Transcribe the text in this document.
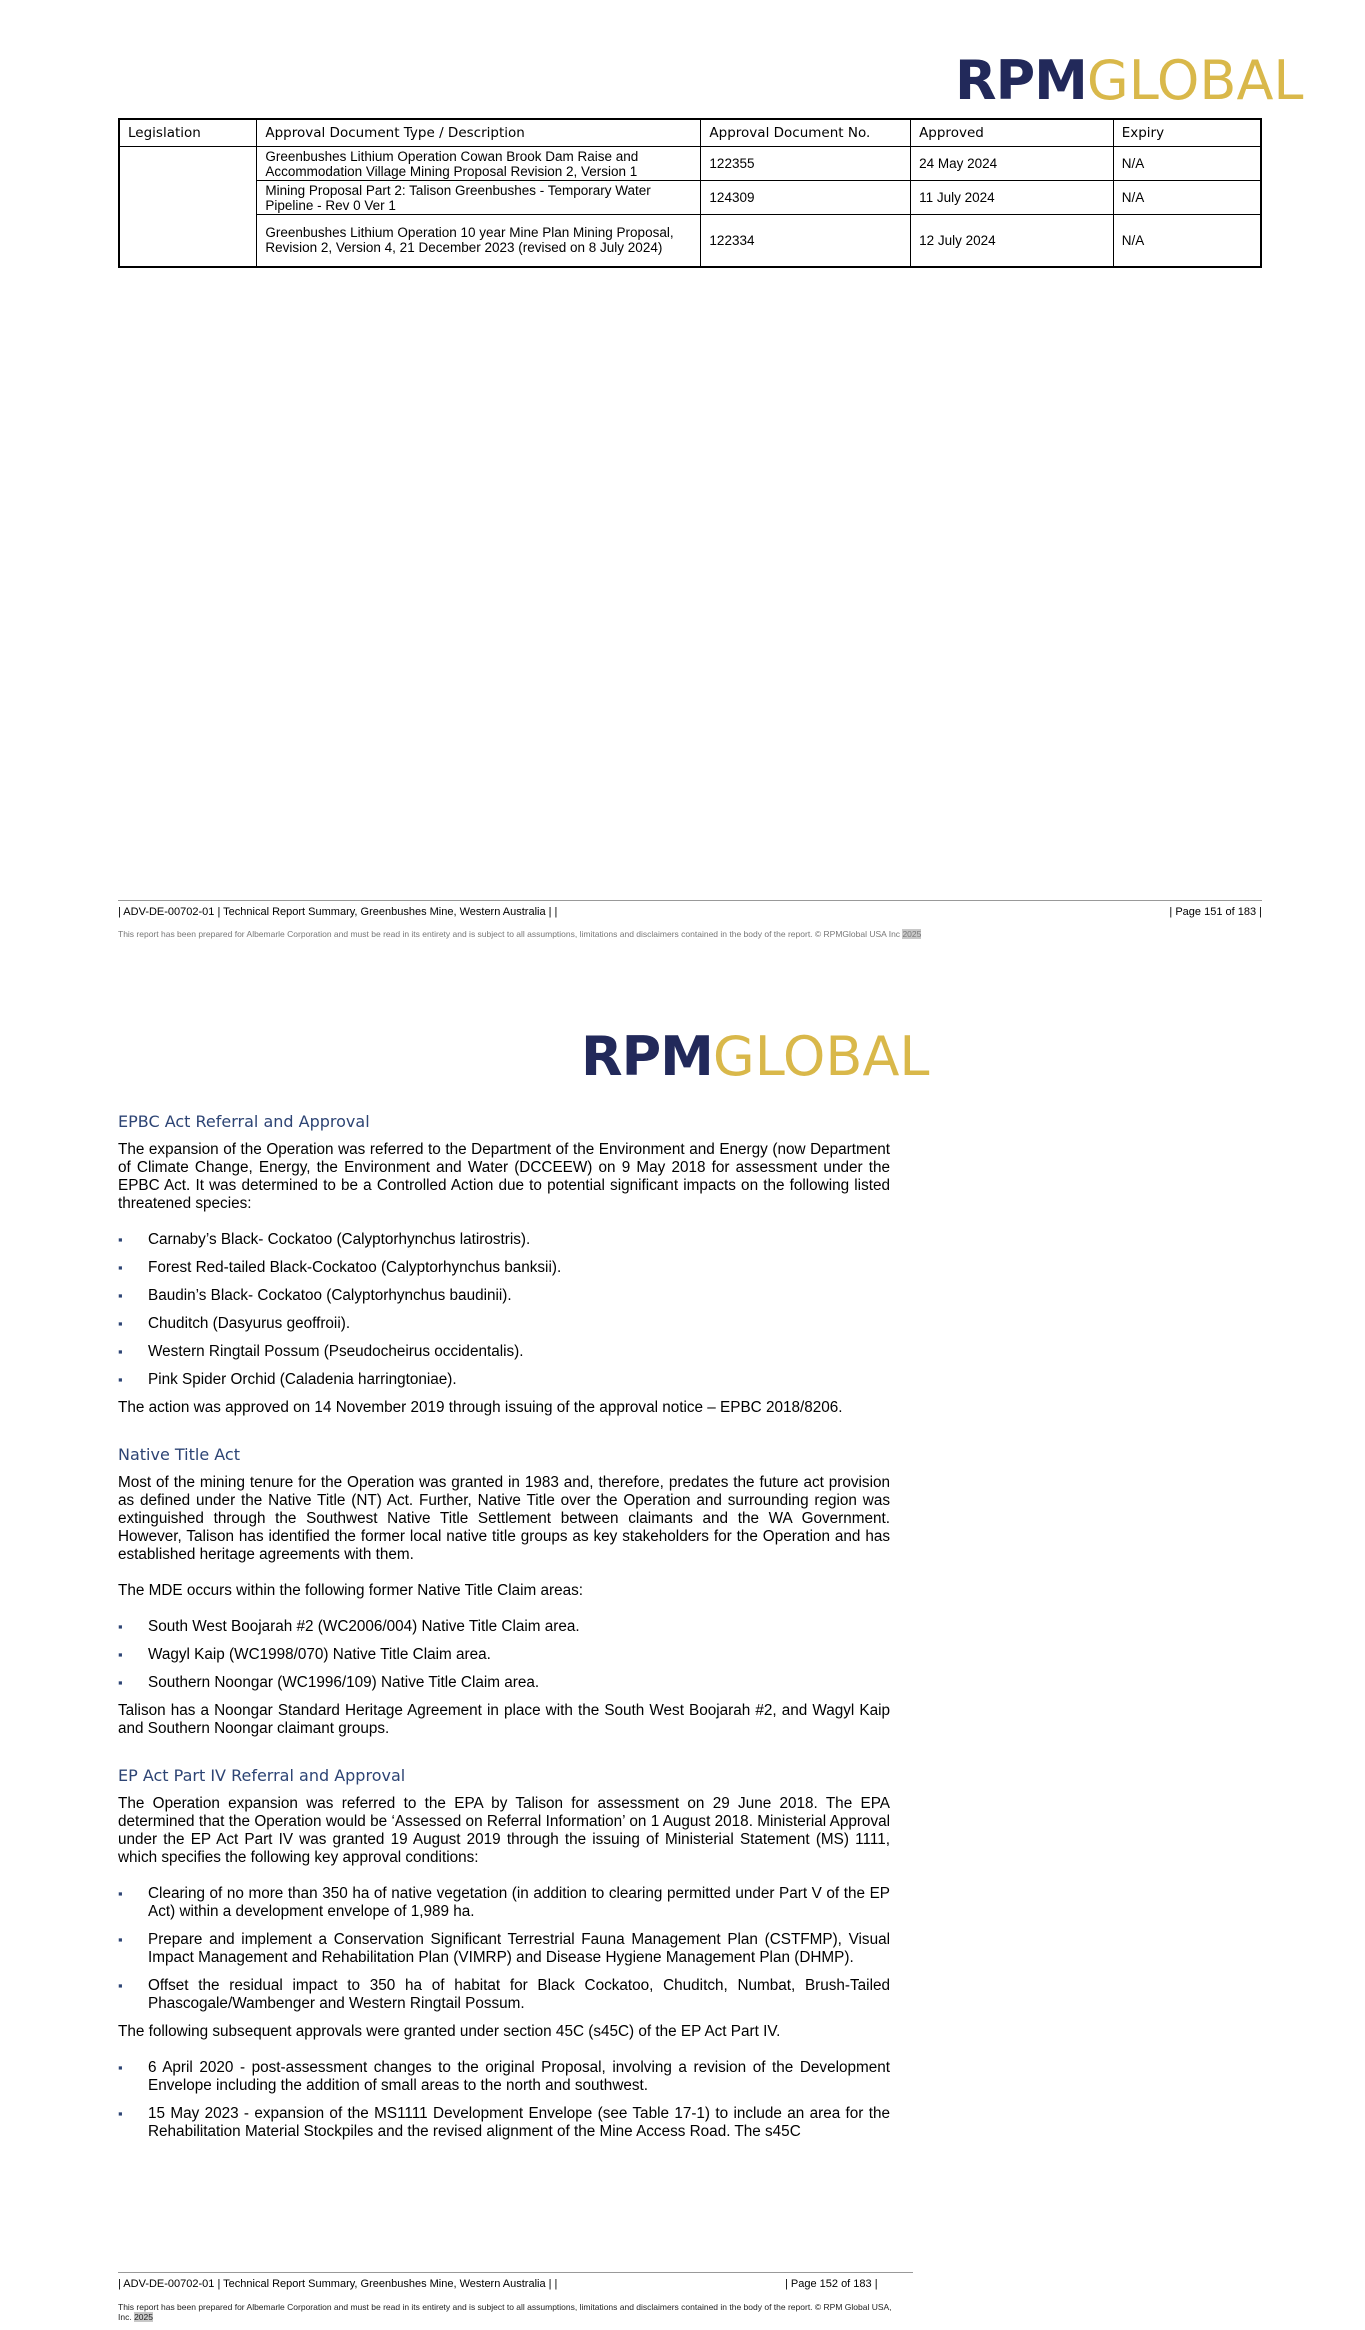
RPMGLOBAL
Legislation	Approval Document Type / Description	Approval Document No.	Approved	Expiry
	Greenbushes Lithium Operation Cowan Brook Dam Raise and Accommodation Village Mining Proposal Revision 2, Version 1	122355	24 May 2024	N/A
	Mining Proposal Part 2: Talison Greenbushes - Temporary Water Pipeline - Rev 0 Ver 1	124309	11 July 2024	N/A
	Greenbushes Lithium Operation 10 year Mine Plan Mining Proposal, Revision 2, Version 4, 21 December 2023 (revised on 8 July 2024)	122334	12 July 2024	N/A
| ADV-DE-00702-01 | Technical Report Summary, Greenbushes Mine, Western Australia | |	| Page 151 of 183 |
This report has been prepared for Albemarle Corporation and must be read in its entirety and is subject to all assumptions, limitations and disclaimers contained in the body of the report. © RPMGlobal USA Inc 2025
RPMGLOBAL
EPBC Act Referral and Approval

The expansion of the Operation was referred to the Department of the Environment and Energy (now Department of Climate Change, Energy, the Environment and Water (DCCEEW) on 9 May 2018 for assessment under the EPBC Act. It was determined to be a Controlled Action due to potential significant impacts on the following listed threatened species:

▪ Carnaby’s Black- Cockatoo (Calyptorhynchus latirostris).
▪ Forest Red-tailed Black-Cockatoo (Calyptorhynchus banksii).
▪ Baudin’s Black- Cockatoo (Calyptorhynchus baudinii).
▪ Chuditch (Dasyurus geoffroii).
▪ Western Ringtail Possum (Pseudocheirus occidentalis).
▪ Pink Spider Orchid (Caladenia harringtoniae).

The action was approved on 14 November 2019 through issuing of the approval notice – EPBC 2018/8206.

Native Title Act

Most of the mining tenure for the Operation was granted in 1983 and, therefore, predates the future act provision as defined under the Native Title (NT) Act. Further, Native Title over the Operation and surrounding region was extinguished through the Southwest Native Title Settlement between claimants and the WA Government. However, Talison has identified the former local native title groups as key stakeholders for the Operation and has established heritage agreements with them.

The MDE occurs within the following former Native Title Claim areas:

▪ South West Boojarah #2 (WC2006/004) Native Title Claim area.
▪ Wagyl Kaip (WC1998/070) Native Title Claim area.
▪ Southern Noongar (WC1996/109) Native Title Claim area.

Talison has a Noongar Standard Heritage Agreement in place with the South West Boojarah #2, and Wagyl Kaip and Southern Noongar claimant groups.

EP Act Part IV Referral and Approval

The Operation expansion was referred to the EPA by Talison for assessment on 29 June 2018. The EPA determined that the Operation would be ‘Assessed on Referral Information’ on 1 August 2018. Ministerial Approval under the EP Act Part IV was granted 19 August 2019 through the issuing of Ministerial Statement (MS) 1111, which specifies the following key approval conditions:

▪ Clearing of no more than 350 ha of native vegetation (in addition to clearing permitted under Part V of the EP Act) within a development envelope of 1,989 ha.
▪ Prepare and implement a Conservation Significant Terrestrial Fauna Management Plan (CSTFMP), Visual Impact Management and Rehabilitation Plan (VIMRP) and Disease Hygiene Management Plan (DHMP).
▪ Offset the residual impact to 350 ha of habitat for Black Cockatoo, Chuditch, Numbat, Brush-Tailed Phascogale/Wambenger and Western Ringtail Possum.

The following subsequent approvals were granted under section 45C (s45C) of the EP Act Part IV.

▪ 6 April 2020 - post-assessment changes to the original Proposal, involving a revision of the Development Envelope including the addition of small areas to the north and southwest.
▪ 15 May 2023 - expansion of the MS1111 Development Envelope (see Table 17-1) to include an area for the Rehabilitation Material Stockpiles and the revised alignment of the Mine Access Road. The s45C
| ADV-DE-00702-01 | Technical Report Summary, Greenbushes Mine, Western Australia | |	| Page 152 of 183 |
This report has been prepared for Albemarle Corporation and must be read in its entirety and is subject to all assumptions, limitations and disclaimers contained in the body of the report. © RPM Global USA, Inc. 2025
